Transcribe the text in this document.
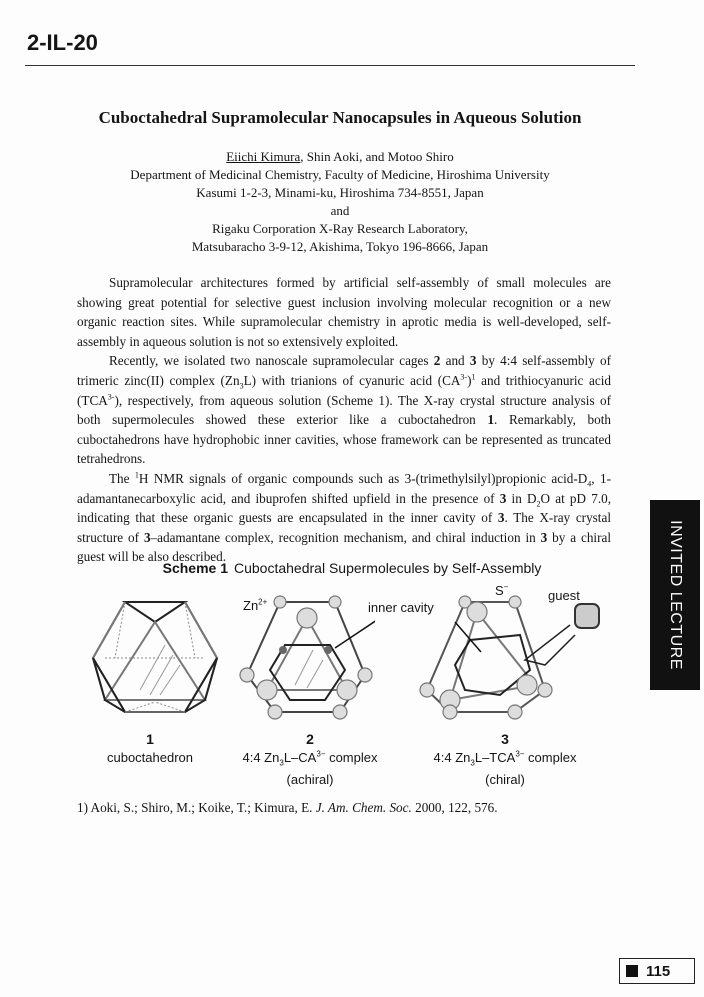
2-IL-20
Cuboctahedral Supramolecular Nanocapsules in Aqueous Solution
Eiichi Kimura, Shin Aoki, and Motoo Shiro
Department of Medicinal Chemistry, Faculty of Medicine, Hiroshima University
Kasumi 1-2-3, Minami-ku, Hiroshima 734-8551, Japan
and
Rigaku Corporation X-Ray Research Laboratory,
Matsubaracho 3-9-12, Akishima, Tokyo 196-8666, Japan

Supramolecular architectures formed by artificial self-assembly of small molecules are showing great potential for selective guest inclusion involving molecular recognition or a new organic reaction sites. While supramolecular chemistry in aprotic media is well-developed, self-assembly in aqueous solution is not so extensively exploited.

Recently, we isolated two nanoscale supramolecular cages 2 and 3 by 4:4 self-assembly of trimeric zinc(II) complex $(Zn_3L)$ with trianions of cyanuric acid $(CA^{3-})^1$ and trithiocyanuric acid $(TCA^{3-})$, respectively, from aqueous solution (Scheme 1). The X-ray crystal structure analysis of both supermolecules showed these exterior like a cuboctahedron 1. Remarkably, both cuboctahedrons have hydrophobic inner cavities, whose framework can be represented as truncated tetrahedrons.

The $^1$H NMR signals of organic compounds such as 3-(trimethylsilyl)propionic acid-$D_4$, 1-adamantanecarboxylic acid, and ibuprofen shifted upfield in the presence of 3 in $D_2O$ at pD 7.0, indicating that these organic guests are encapsulated in the inner cavity of 3. The X-ray crystal structure of 3–adamantane complex, recognition mechanism, and chiral induction in 3 by a chiral guest will be also described.

Scheme 1 Cuboctahedral Supermolecules by Self-Assembly
$Zn^{2+}$	inner cavity
S−
guest
1
cuboctahedron
2
4:4 $Zn_3L-CA^{3-}$ complex
(achiral)
3
4:4 $Zn_3L-TCA^{3-}$ complex
(chiral)
1) Aoki, S.; Shiro, M.; Koike, T.; Kimura, E. J. Am. Chem. Soc. 2000, 122, 576.
INVITED LECTURE
115
